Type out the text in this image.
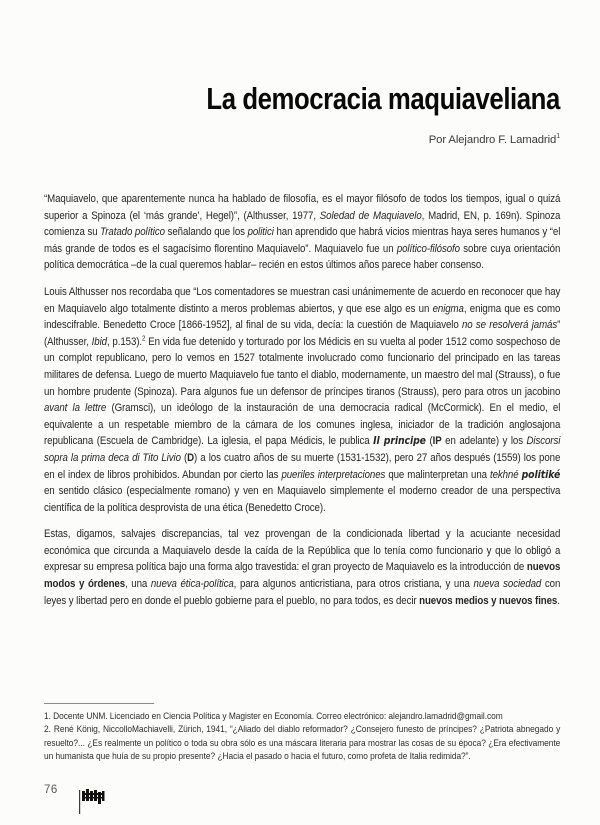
La democracia maquiaveliana
Por Alejandro F. Lamadrid$^1$

“Maquiavelo, que aparentemente nunca ha hablado de filosofía, es el mayor filósofo de todos los tiempos, igual o quizá superior a Spinoza (el ‘más grande’, Hegel)”, (Althusser, 1977, Soledad de Maquiavelo, Madrid, EN, p. 169n). Spinoza comienza su Tratado político señalando que los politici han aprendido que habrá vicios mientras haya seres humanos y “el más grande de todos es el sagacísimo florentino Maquiavelo”. Maquiavelo fue un político-filósofo sobre cuya orientación política democrática –de la cual queremos hablar– recién en estos últimos años parece haber consenso.

Louis Althusser nos recordaba que “Los comentadores se muestran casi unánimemente de acuerdo en reconocer que hay en Maquiavelo algo totalmente distinto a meros problemas abiertos, y que ese algo es un enigma, enigma que es como indescifrable. Benedetto Croce [1866-1952], al final de su vida, decía: la cuestión de Maquiavelo no se resolverá jamás” (Althusser, Ibid, p.153).$^2$ En vida fue detenido y torturado por los Médicis en su vuelta al poder 1512 como sospechoso de un complot republicano, pero lo vemos en 1527 totalmente involucrado como funcionario del principado en las tareas militares de defensa. Luego de muerto Maquiavelo fue tanto el diablo, modernamente, un maestro del mal (Strauss), o fue un hombre prudente (Spinoza). Para algunos fue un defensor de príncipes tiranos (Strauss), pero para otros un jacobino avant la lettre (Gramsci), un ideólogo de la instauración de una democracia radical (McCormick). En el medio, el equivalente a un respetable miembro de la cámara de los comunes inglesa, iniciador de la tradición anglosajona republicana (Escuela de Cambridge). La iglesia, el papa Médicis, le publica Il principe (IP en adelante) y los Discorsi sopra la prima deca di Tito Livio (D) a los cuatro años de su muerte (1531-1532), pero 27 años después (1559) los pone en el index de libros prohibidos. Abundan por cierto las pueriles interpretaciones que malinterpretan una tekhné politiké en sentido clásico (especialmente romano) y ven en Maquiavelo simplemente el moderno creador de una perspectiva científica de la política desprovista de una ética (Benedetto Croce).

Estas, digamos, salvajes discrepancias, tal vez provengan de la condicionada libertad y la acuciante necesidad económica que circunda a Maquiavelo desde la caída de la República que lo tenía como funcionario y que lo obligó a expresar su empresa política bajo una forma algo travestida: el gran proyecto de Maquiavelo es la introducción de nuevos modos y órdenes, una nueva ética-política, para algunos anticristiana, para otros cristiana, y una nueva sociedad con leyes y libertad pero en donde el pueblo gobierne para el pueblo, no para todos, es decir nuevos medios y nuevos fines.

1. Docente UNM. Licenciado en Ciencia Política y Magister en Economía. Correo electrónico: alejandro.lamadrid@gmail.com

2. René König, NiccolloMachiavelli, Zürich, 1941, “¿Aliado del diablo reformador? ¿Consejero funesto de príncipes? ¿Patriota abnegado y resuelto?... ¿Es realmente un político o toda su obra sólo es una máscara literaria para mostrar las cosas de su época? ¿Era efectivamente un humanista que huía de su propio presente? ¿Hacia el pasado o hacia el futuro, como profeta de Italia redimida?”.

76
